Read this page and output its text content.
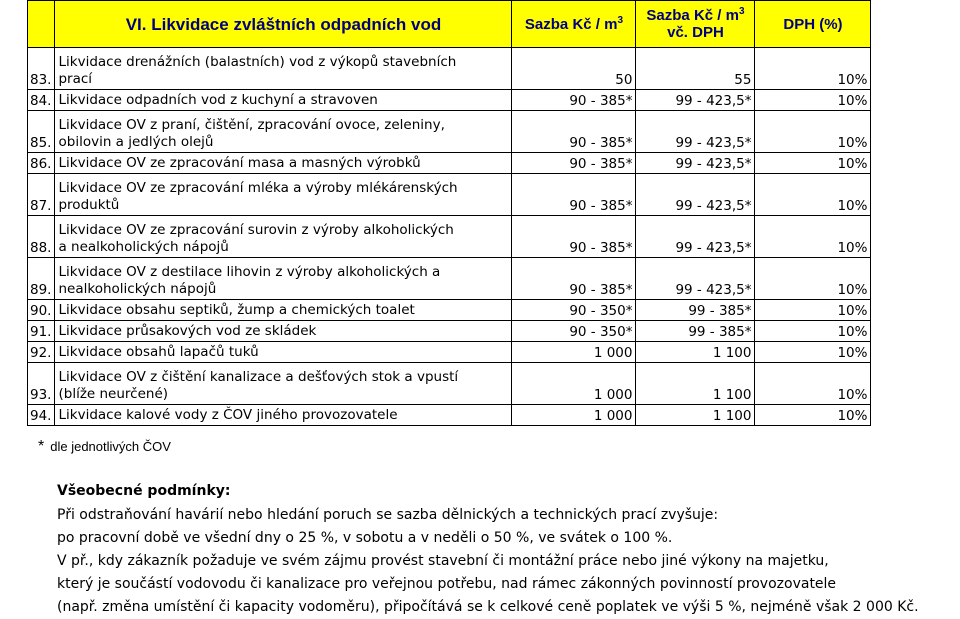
	VI. Likvidace zvláštních odpadních vod	Sazba Kč / $m^3$	Sazba Kč / $m^3$
vč. DPH	DPH (%)
83.	Likvidace drenážních (balastních) vod z výkopů stavebních
prací	50	55	10%
84.	Likvidace odpadních vod z kuchyní a stravoven	90 - 385*	99 - 423,5*	10%
85.	Likvidace OV z praní, čištění, zpracování ovoce, zeleniny,
obilovin a jedlých olejů	90 - 385*	99 - 423,5*	10%
86.	Likvidace OV ze zpracování masa a masných výrobků	90 - 385*	99 - 423,5*	10%
87.	Likvidace OV ze zpracování mléka a výroby mlékárenských
produktů	90 - 385*	99 - 423,5*	10%
88.	Likvidace OV ze zpracování surovin z výroby alkoholických
a nealkoholických nápojů	90 - 385*	99 - 423,5*	10%
89.	Likvidace OV z destilace lihovin z výroby alkoholických a
nealkoholických nápojů	90 - 385*	99 - 423,5*	10%
90.	Likvidace obsahu septiků, žump a chemických toalet	90 - 350*	99 - 385*	10%
91.	Likvidace průsakových vod ze skládek	90 - 350*	99 - 385*	10%
92.	Likvidace obsahů lapačů tuků	1 000	1 100	10%
93.	Likvidace OV z čištění kanalizace a dešťových stok a vpustí
(blíže neurčené)	1 000	1 100	10%
94.	Likvidace kalové vody z ČOV jiného provozovatele	1 000	1 100	10%
* dle jednotlivých ČOV
Všeobecné podmínky:
Při odstraňování havárií nebo hledání poruch se sazba dělnických a technických prací zvyšuje:
po pracovní době ve všední dny o 25 %, v sobotu a v neděli o 50 %, ve svátek o 100 %.
V př., kdy zákazník požaduje ve svém zájmu provést stavební či montážní práce nebo jiné výkony na majetku,
který je součástí vodovodu či kanalizace pro veřejnou potřebu, nad rámec zákonných povinností provozovatele
(např. změna umístění či kapacity vodoměru), připočítává se k celkové ceně poplatek ve výši 5 %, nejméně však 2 000 Kč.
